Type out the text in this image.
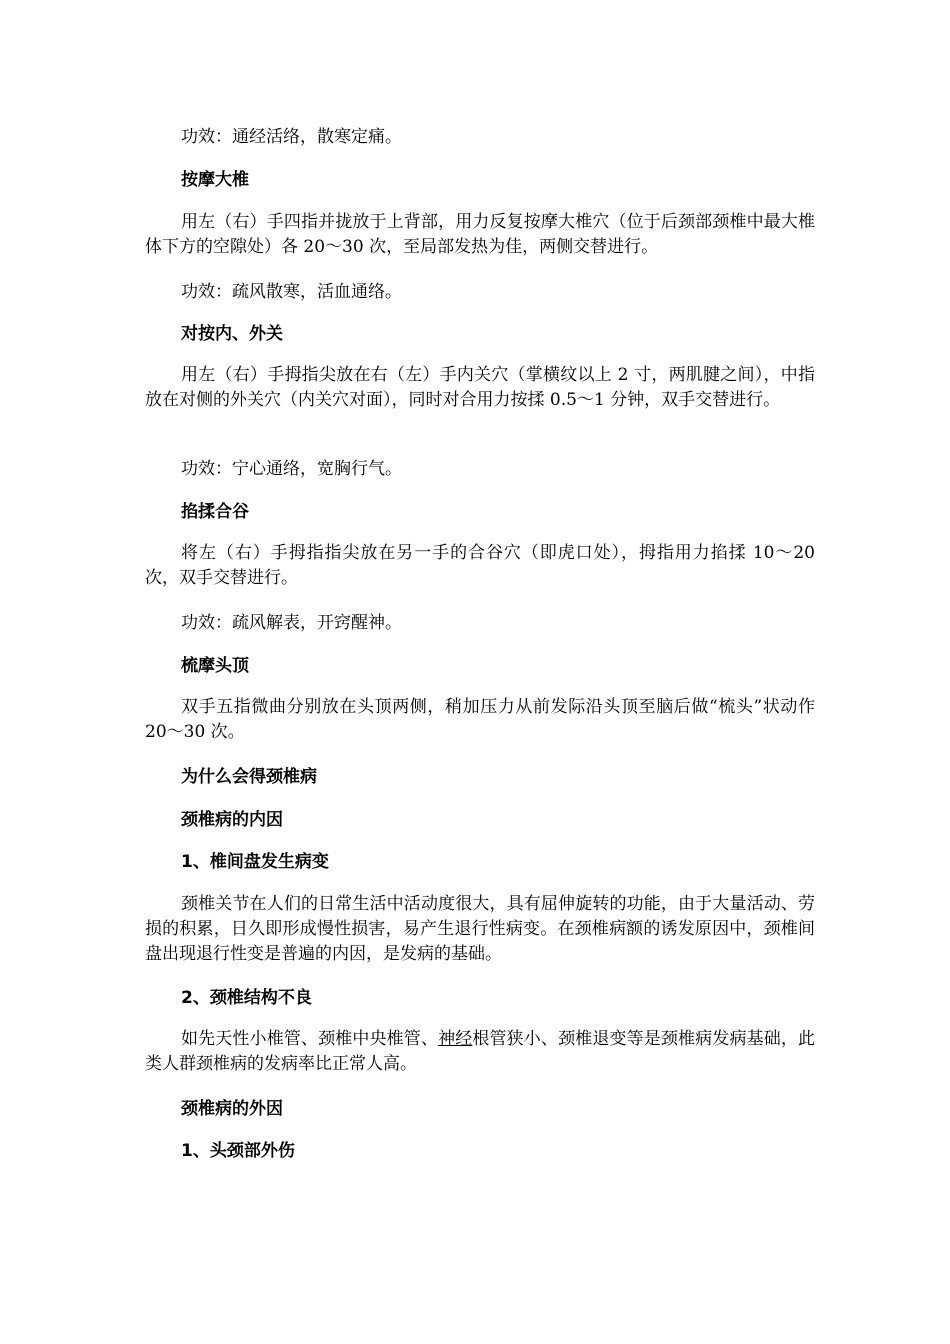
功效：通经活络，散寒定痛。
按摩大椎
用左（右）手四指并拢放于上背部，用力反复按摩大椎穴（位于后颈部颈椎中最大椎体下方的空隙处）各 20～30 次，至局部发热为佳，两侧交替进行。
功效：疏风散寒，活血通络。
对按内、外关
用左（右）手拇指尖放在右（左）手内关穴（掌横纹以上 2 寸，两肌腱之间），中指放在对侧的外关穴（内关穴对面），同时对合用力按揉 0.5～1 分钟，双手交替进行。
功效：宁心通络，宽胸行气。
掐揉合谷
将左（右）手拇指指尖放在另一手的合谷穴（即虎口处），拇指用力掐揉 10～20 次，双手交替进行。
功效：疏风解表，开窍醒神。
梳摩头顶
双手五指微曲分别放在头顶两侧，稍加压力从前发际沿头顶至脑后做“梳头”状动作 20～30 次。
为什么会得颈椎病
颈椎病的内因
1、椎间盘发生病变
颈椎关节在人们的日常生活中活动度很大，具有屈伸旋转的功能，由于大量活动、劳损的积累，日久即形成慢性损害，易产生退行性病变。在颈椎病额的诱发原因中，颈椎间盘出现退行性变是普遍的内因，是发病的基础。
2、颈椎结构不良
如先天性小椎管、颈椎中央椎管、神经根管狭小、颈椎退变等是颈椎病发病基础，此类人群颈椎病的发病率比正常人高。
颈椎病的外因
1、头颈部外伤
